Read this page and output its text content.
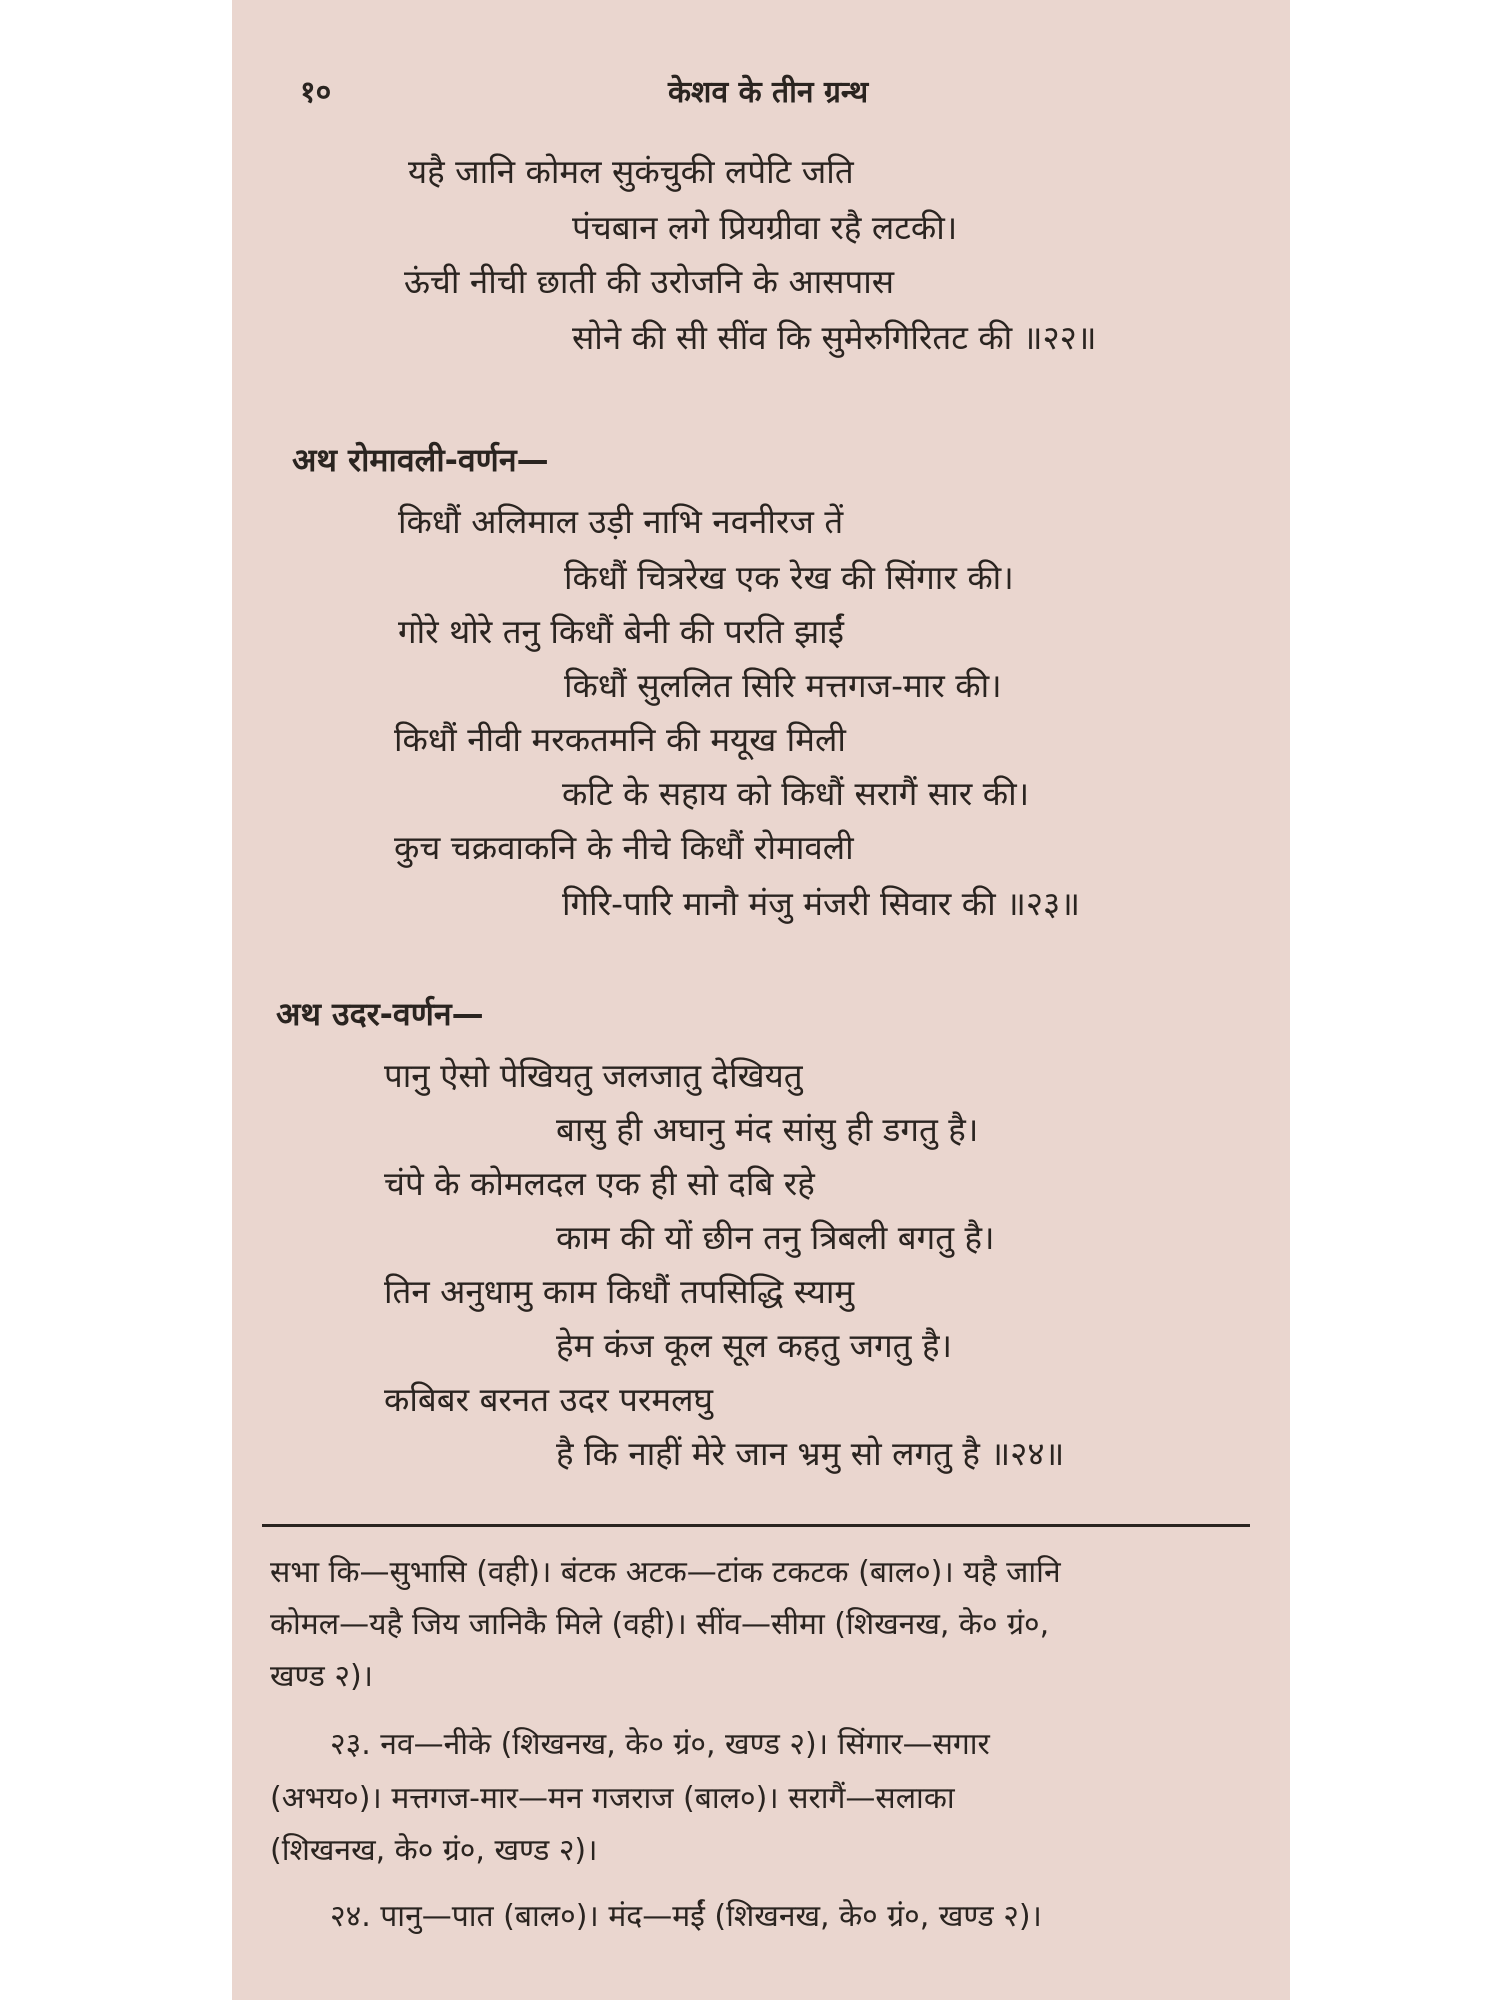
१०	केशव के तीन ग्रन्थ
यहै जानि कोमल सुकंचुकी लपेटि जति
पंचबान लगे प्रियग्रीवा रहै लटकी।
ऊंची नीची छाती की उरोजनि के आसपास
सोने की सी सींव कि सुमेरुगिरितट की ॥२२॥
अथ रोमावली-वर्णन—
किधौं अलिमाल उड़ी नाभि नवनीरज तें
किधौं चित्ररेख एक रेख की सिंगार की।
गोरे थोरे तनु किधौं बेनी की परति झाईं
किधौं सुललित सिरि मत्तगज-मार की।
किधौं नीवी मरकतमनि की मयूख मिली
कटि के सहाय को किधौं सरागैं सार की।
कुच चक्रवाकनि के नीचे किधौं रोमावली
गिरि-पारि मानौ मंजु मंजरी सिवार की ॥२३॥
अथ उदर-वर्णन—
पानु ऐसो पेखियतु जलजातु देखियतु
बासु ही अघानु मंद सांसु ही डगतु है।
चंपे के कोमलदल एक ही सो दबि रहे
काम की यों छीन तनु त्रिबली बगतु है।
तिन अनुधामु काम किधौं तपसिद्धि स्यामु
हेम कंज कूल सूल कहतु जगतु है।
कबिबर बरनत उदर परमलघु
है कि नाहीं मेरे जान भ्रमु सो लगतु है ॥२४॥
सभा कि—सुभासि (वही)। बंटक अटक—टांक टकटक (बाल०)। यहै जानि
कोमल—यहै जिय जानिकै मिले (वही)। सींव—सीमा (शिखनख, के० ग्रं०,
खण्ड २)।
२३. नव—नीके (शिखनख, के० ग्रं०, खण्ड २)। सिंगार—सगार
(अभय०)। मत्तगज-मार—मन गजराज (बाल०)। सरागैं—सलाका
(शिखनख, के० ग्रं०, खण्ड २)।
२४. पानु—पात (बाल०)। मंद—मईं (शिखनख, के० ग्रं०, खण्ड २)।
